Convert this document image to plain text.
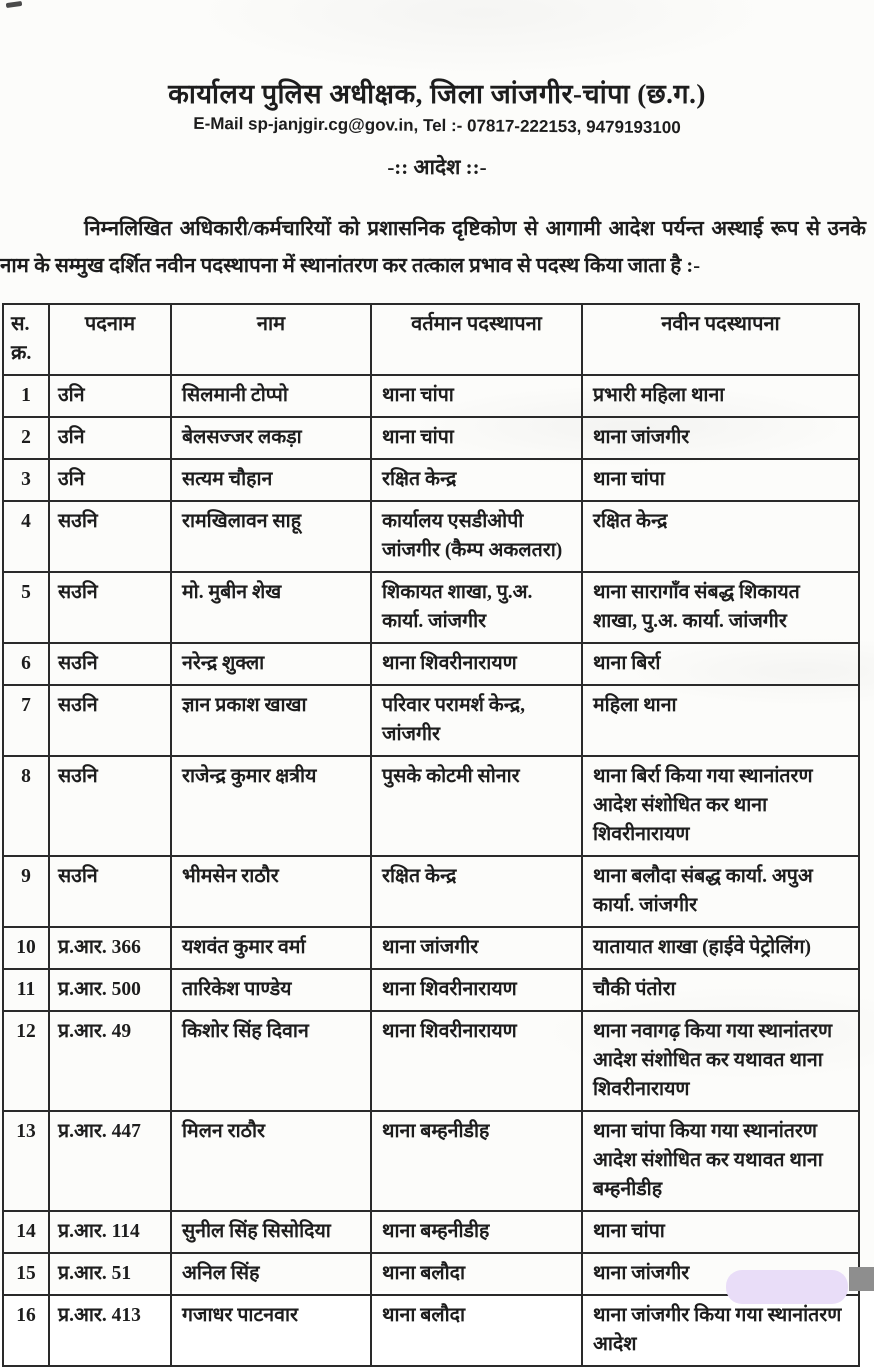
कार्यालय पुलिस अधीक्षक, जिला जांजगीर-चांपा (छ.ग.)
E-Mail sp-janjgir.cg@gov.in, Tel :- 07817-222153, 9479193100
-:: आदेश ::-

निम्नलिखित अधिकारी/कर्मचारियों को प्रशासनिक दृष्टिकोण से आगामी आदेश पर्यन्त अस्थाई रूप से उनके नाम के सम्मुख दर्शित नवीन पदस्थापना में स्थानांतरण कर तत्काल प्रभाव से पदस्थ किया जाता है :-

स. क्र.	पदनाम	नाम	वर्तमान पदस्थापना	नवीन पदस्थापना
1	उनि	सिलमानी टोप्पो	थाना चांपा	प्रभारी महिला थाना
2	उनि	बेलसज्जर लकड़ा	थाना चांपा	थाना जांजगीर
3	उनि	सत्यम चौहान	रक्षित केन्द्र	थाना चांपा
4	सउनि	रामखिलावन साहू	कार्यालय एसडीओपी जांजगीर (कैम्प अकलतरा)	रक्षित केन्द्र
5	सउनि	मो. मुबीन शेख	शिकायत शाखा, पु.अ. कार्या. जांजगीर	थाना सारागाँव संबद्ध शिकायत शाखा, पु.अ. कार्या. जांजगीर
6	सउनि	नरेन्द्र शुक्ला	थाना शिवरीनारायण	थाना बिर्रा
7	सउनि	ज्ञान प्रकाश खाखा	परिवार परामर्श केन्द्र, जांजगीर	महिला थाना
8	सउनि	राजेन्द्र कुमार क्षत्रीय	पुसके कोटमी सोनार	थाना बिर्रा किया गया स्थानांतरण आदेश संशोधित कर थाना शिवरीनारायण
9	सउनि	भीमसेन राठौर	रक्षित केन्द्र	थाना बलौदा संबद्ध कार्या. अपुअ कार्या. जांजगीर
10	प्र.आर. 366	यशवंत कुमार वर्मा	थाना जांजगीर	यातायात शाखा (हाईवे पेट्रोलिंग)
11	प्र.आर. 500	तारिकेश पाण्डेय	थाना शिवरीनारायण	चौकी पंतोरा
12	प्र.आर. 49	किशोर सिंह दिवान	थाना शिवरीनारायण	थाना नवागढ़ किया गया स्थानांतरण आदेश संशोधित कर यथावत थाना शिवरीनारायण
13	प्र.आर. 447	मिलन राठौर	थाना बम्हनीडीह	थाना चांपा किया गया स्थानांतरण आदेश संशोधित कर यथावत थाना बम्हनीडीह
14	प्र.आर. 114	सुनील सिंह सिसोदिया	थाना बम्हनीडीह	थाना चांपा
15	प्र.आर. 51	अनिल सिंह	थाना बलौदा	थाना जांजगीर
16	प्र.आर. 413	गजाधर पाटनवार	थाना बलौदा	थाना जांजगीर किया गया स्थानांतरण आदेश
